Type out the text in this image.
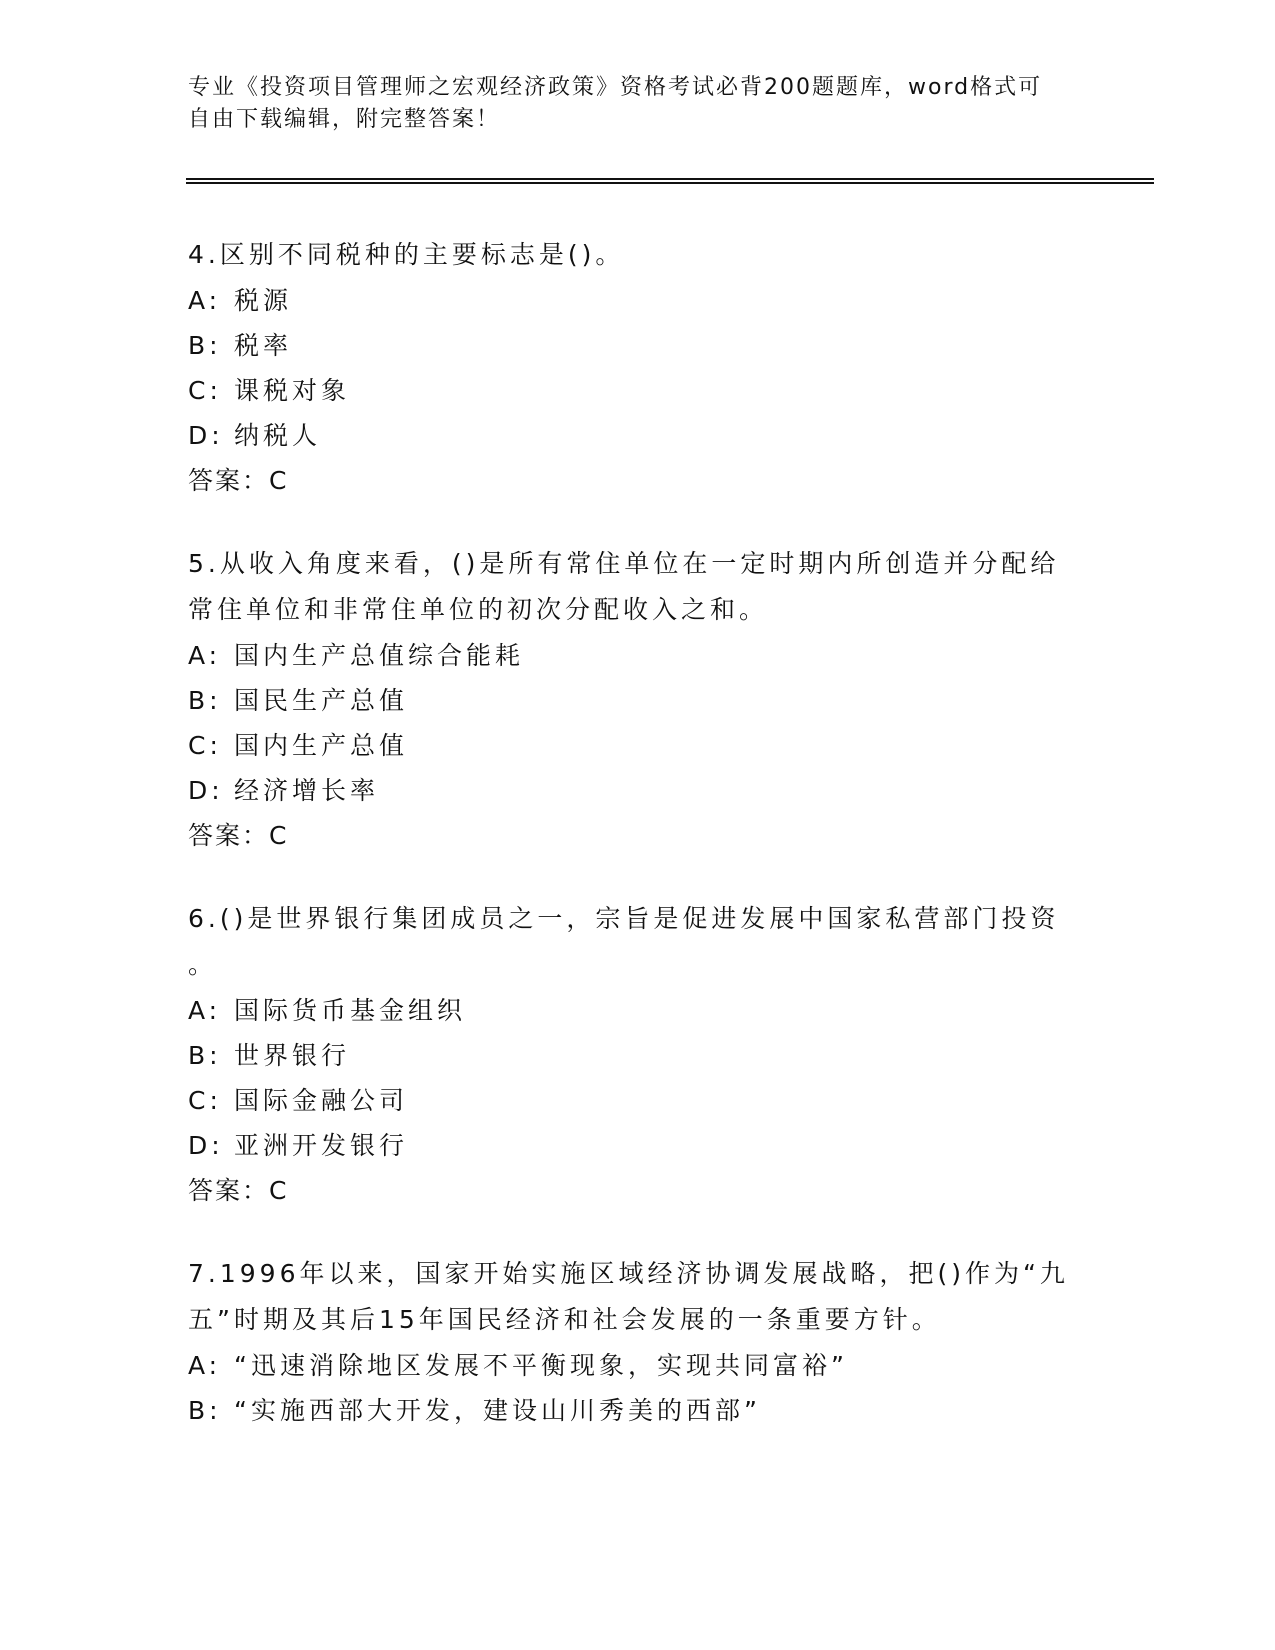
专业《投资项目管理师之宏观经济政策》资格考试必背200题题库，word格式可
自由下载编辑，附完整答案！
4.区别不同税种的主要标志是()。
A: 税源
B: 税率
C: 课税对象
D: 纳税人
答案：C
5.从收入角度来看，()是所有常住单位在一定时期内所创造并分配给
常住单位和非常住单位的初次分配收入之和。
A: 国内生产总值综合能耗
B: 国民生产总值
C: 国内生产总值
D: 经济增长率
答案：C
6.()是世界银行集团成员之一，宗旨是促进发展中国家私营部门投资
。
A: 国际货币基金组织
B: 世界银行
C: 国际金融公司
D: 亚洲开发银行
答案：C
7.1996年以来，国家开始实施区域经济协调发展战略，把()作为“九
五”时期及其后15年国民经济和社会发展的一条重要方针。
A: “迅速消除地区发展不平衡现象，实现共同富裕”
B: “实施西部大开发，建设山川秀美的西部”
